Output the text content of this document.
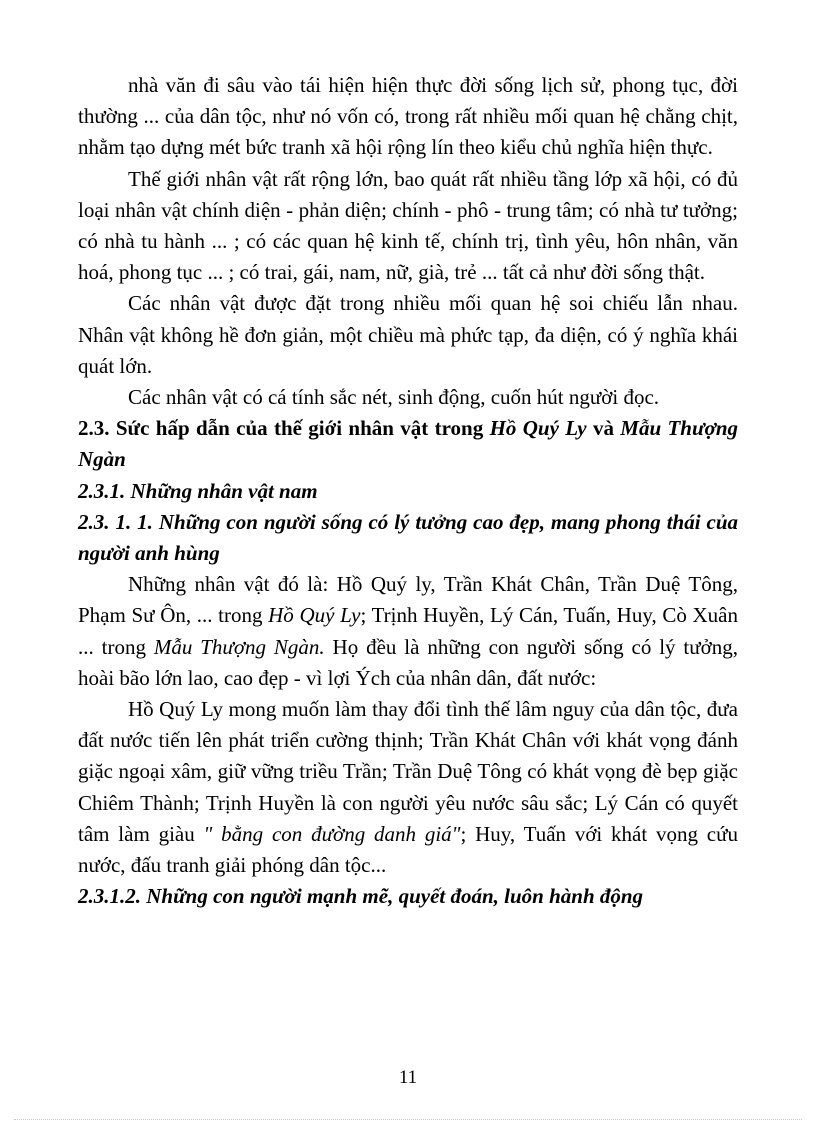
nhà văn đi sâu vào tái hiện hiện thực đời sống lịch sử, phong tục, đời thường ... của dân tộc, như nó vốn có, trong rất nhiều mối quan hệ chằng chịt, nhằm tạo dựng mét bức tranh xã hội rộng lín theo kiểu chủ nghĩa hiện thực.

Thế giới nhân vật rất rộng lớn, bao quát rất nhiều tầng lớp xã hội, có đủ loại nhân vật chính diện - phản diện; chính - phô - trung tâm; có nhà tư tưởng; có nhà tu hành ... ; có các quan hệ kinh tế, chính trị, tình yêu, hôn nhân, văn hoá, phong tục ... ; có trai, gái, nam, nữ, già, trẻ ... tất cả như đời sống thật.

Các nhân vật được đặt trong nhiều mối quan hệ soi chiếu lẫn nhau. Nhân vật không hề đơn giản, một chiều mà phức tạp, đa diện, có ý nghĩa khái quát lớn.

Các nhân vật có cá tính sắc nét, sinh động, cuốn hút người đọc.

2.3. Sức hấp dẫn của thế giới nhân vật trong Hồ Quý Ly và Mẫu Thượng Ngàn

2.3.1. Những nhân vật nam

2.3. 1. 1. Những con người sống có lý tưởng cao đẹp, mang phong thái của người anh hùng

Những nhân vật đó là: Hồ Quý ly, Trần Khát Chân, Trần Duệ Tông, Phạm Sư Ôn, ... trong Hồ Quý Ly; Trịnh Huyền, Lý Cán, Tuấn, Huy, Cò Xuân ... trong Mẫu Thượng Ngàn. Họ đều là những con người sống có lý tưởng, hoài bão lớn lao, cao đẹp - vì lợi Ých của nhân dân, đất nước:

Hồ Quý Ly mong muốn làm thay đổi tình thế lâm nguy của dân tộc, đưa đất nước tiến lên phát triển cường thịnh; Trần Khát Chân với khát vọng đánh giặc ngoại xâm, giữ vững triều Trần; Trần Duệ Tông có khát vọng đè bẹp giặc Chiêm Thành; Trịnh Huyền là con người yêu nước sâu sắc; Lý Cán có quyết tâm làm giàu " bằng con đường danh giá"; Huy, Tuấn với khát vọng cứu nước, đấu tranh giải phóng dân tộc...

2.3.1.2. Những con người mạnh mẽ, quyết đoán, luôn hành động

11
